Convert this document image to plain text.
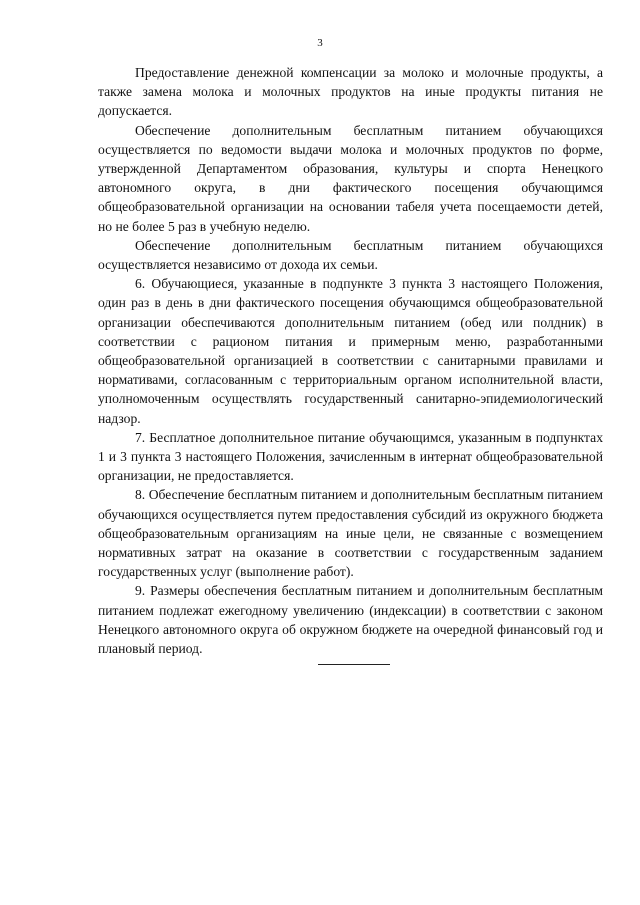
3

Предоставление денежной компенсации за молоко и молочные продукты, а также замена молока и молочных продуктов на иные продукты питания не допускается.

Обеспечение дополнительным бесплатным питанием обучающихся осуществляется по ведомости выдачи молока и молочных продуктов по форме, утвержденной Департаментом образования, культуры и спорта Ненецкого автономного округа, в дни фактического посещения обучающимся общеобразовательной организации на основании табеля учета посещаемости детей, но не более 5 раз в учебную неделю.

Обеспечение дополнительным бесплатным питанием обучающихся осуществляется независимо от дохода их семьи.

6. Обучающиеся, указанные в подпункте 3 пункта 3 настоящего Положения, один раз в день в дни фактического посещения обучающимся общеобразовательной организации обеспечиваются дополнительным питанием (обед или полдник) в соответствии с рационом питания и примерным меню, разработанными общеобразовательной организацией в соответствии с санитарными правилами и нормативами, согласованным с территориальным органом исполнительной власти, уполномоченным осуществлять государственный санитарно-эпидемиологический надзор.

7. Бесплатное дополнительное питание обучающимся, указанным в подпунктах 1 и 3 пункта 3 настоящего Положения, зачисленным в интернат общеобразовательной организации, не предоставляется.

8. Обеспечение бесплатным питанием и дополнительным бесплатным питанием обучающихся осуществляется путем предоставления субсидий из окружного бюджета общеобразовательным организациям на иные цели, не связанные с возмещением нормативных затрат на оказание в соответствии с государственным заданием государственных услуг (выполнение работ).

9. Размеры обеспечения бесплатным питанием и дополнительным бесплатным питанием подлежат ежегодному увеличению (индексации) в соответствии с законом Ненецкого автономного округа об окружном бюджете на очередной финансовый год и плановый период.
